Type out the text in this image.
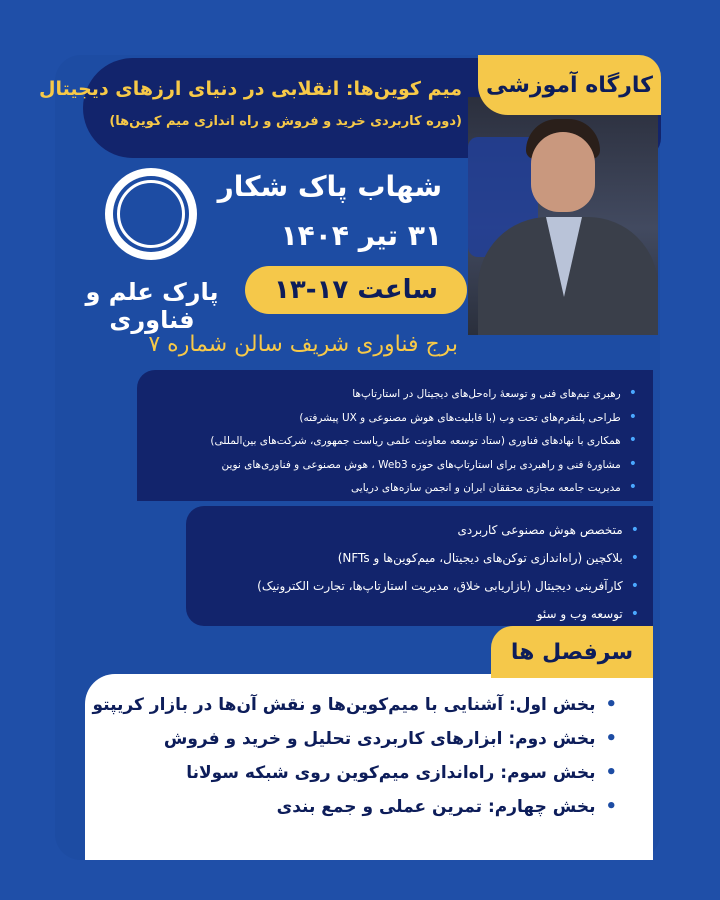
میم کوین‌ها: انقلابی در دنیای ارزهای دیجیتال
(دوره کاربردی خرید و فروش و راه اندازی میم کوین‌ها)
کارگاه آموزشی
پارک علم و فناوری
شهاب پاک شکار
۳۱ تیر ۱۴۰۴
ساعت ۱۷-۱۳
برج فناوری شریف سالن شماره ۷
• رهبری تیم‌های فنی و توسعهٔ راه‌حل‌های دیجیتال در استارتاپ‌ها
• طراحی پلتفرم‌های تحت وب (با قابلیت‌های هوش مصنوعی و UX پیشرفته)
• همکاری با نهادهای فناوری (ستاد توسعه معاونت علمی ریاست جمهوری، شرکت‌های بین‌المللی)
• مشاورهٔ فنی و راهبردی برای استارتاپ‌های حوزه Web3 ، هوش مصنوعی و فناوری‌های نوین
• مدیریت جامعه مجازی محققان ایران و انجمن سازه‌های دریایی
• متخصص هوش مصنوعی کاربردی
• بلاکچین (راه‌اندازی توکن‌های دیجیتال، میم‌کوین‌ها و NFTs)
• کارآفرینی دیجیتال (بازاریابی خلاق، مدیریت استارتاپ‌ها، تجارت الکترونیک)
• توسعه وب و سئو
• بخش اول: آشنایی با میم‌کوین‌ها و نقش آن‌ها در بازار کریپتو
• بخش دوم: ابزارهای کاربردی تحلیل و خرید و فروش
• بخش سوم: راه‌اندازی میم‌کوین روی شبکه سولانا
• بخش چهارم: تمرین عملی و جمع بندی
سرفصل ها
